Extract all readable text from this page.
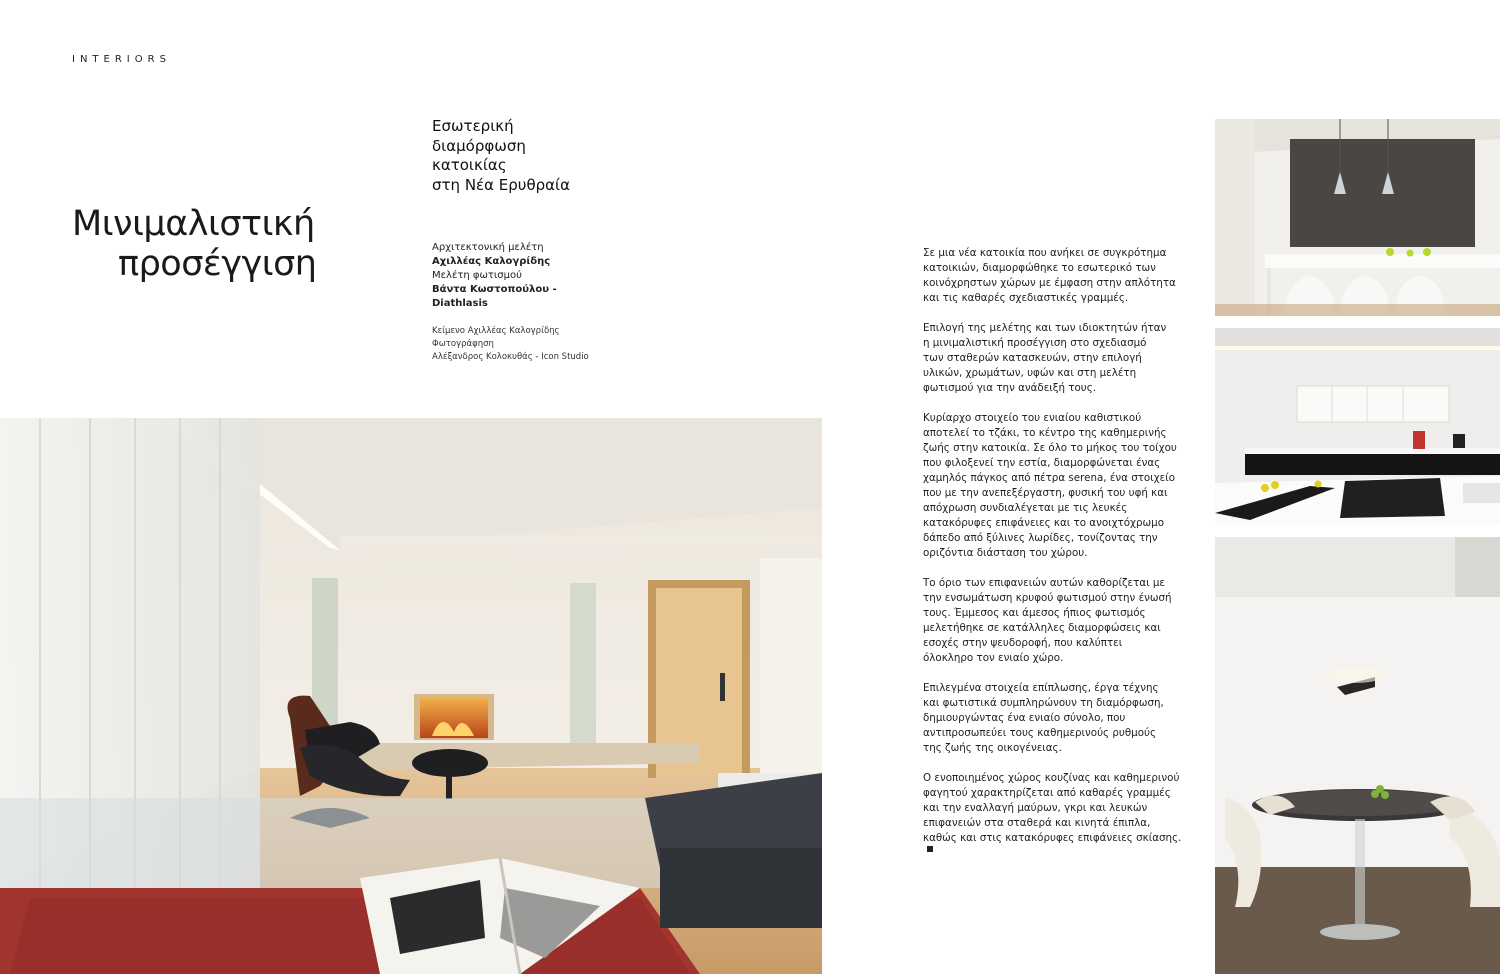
INTERIORS
Μινιμαλιστική
προσέγγιση
Εσωτερική
διαμόρφωση
κατοικίας
στη Νέα Ερυθραία
Αρχιτεκτονική μελέτη
Αχιλλέας Καλογρίδης
Μελέτη φωτισμού
Βάντα Κωστοπούλου -
Diathlasis
Κείμενο Αχιλλέας Καλογρίδης
Φωτογράφηση
Αλέξανδρος Κολοκυθάς - Icon Studio

Σε μια νέα κατοικία που ανήκει σε συγκρότημα
κατοικιών, διαμορφώθηκε το εσωτερικό των
κοινόχρηστων χώρων με έμφαση στην απλότητα
και τις καθαρές σχεδιαστικές γραμμές.

Επιλογή της μελέτης και των ιδιοκτητών ήταν
η μινιμαλιστική προσέγγιση στο σχεδιασμό
των σταθερών κατασκευών, στην επιλογή
υλικών, χρωμάτων, υφών και στη μελέτη
φωτισμού για την ανάδειξή τους.

Κυρίαρχο στοιχείο του ενιαίου καθιστικού
αποτελεί το τζάκι, το κέντρο της καθημερινής
ζωής στην κατοικία. Σε όλο το μήκος του τοίχου
που φιλοξενεί την εστία, διαμορφώνεται ένας
χαμηλός πάγκος από πέτρα serena, ένα στοιχείο
που με την ανεπεξέργαστη, φυσική του υφή και
απόχρωση συνδιαλέγεται με τις λευκές
κατακόρυφες επιφάνειες και το ανοιχτόχρωμο
δάπεδο από ξύλινες λωρίδες, τονίζοντας την
οριζόντια διάσταση του χώρου.

Το όριο των επιφανειών αυτών καθορίζεται με
την ενσωμάτωση κρυφού φωτισμού στην ένωσή
τους. Έμμεσος και άμεσος ήπιος φωτισμός
μελετήθηκε σε κατάλληλες διαμορφώσεις και
εσοχές στην ψευδοροφή, που καλύπτει
όλοκληρο τον ενιαίο χώρο.

Επιλεγμένα στοιχεία επίπλωσης, έργα τέχνης
και φωτιστικά συμπληρώνουν τη διαμόρφωση,
δημιουργώντας ένα ενιαίο σύνολο, που
αντιπροσωπεύει τους καθημερινούς ρυθμούς
της ζωής της οικογένειας.

Ο ενοποιημένος χώρος κουζίνας και καθημερινού
φαγητού χαρακτηρίζεται από καθαρές γραμμές
και την εναλλαγή μαύρων, γκρι και λευκών
επιφανειών στα σταθερά και κινητά έπιπλα,
καθώς και στις κατακόρυφες επιφάνειες σκίασης.
